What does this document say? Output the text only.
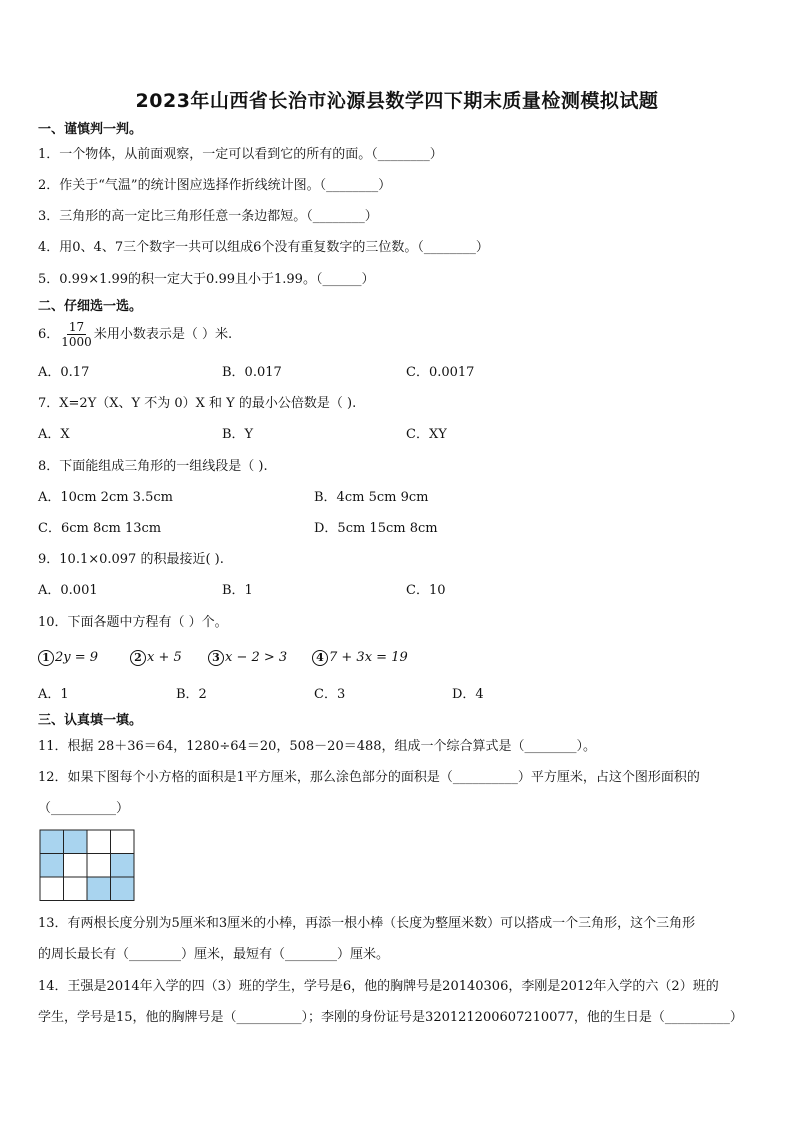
2023年山西省长治市沁源县数学四下期末质量检测模拟试题
一、谨慎判一判。
1．一个物体，从前面观察，一定可以看到它的所有的面。（________）
2．作关于“气温”的统计图应选择作折线统计图。（________）
3．三角形的高一定比三角形任意一条边都短。（________）
4．用0、4、7三个数字一共可以组成6个没有重复数字的三位数。（________）
5．0.99×1.99的积一定大于0.99且小于1.99。（______）
二、仔细选一选。
6． $\frac{17}{1000}$ 米用小数表示是（ ）米.
A．0.17	B．0.017	C．0.0017
7．X=2Y（X、Y 不为 0）X 和 Y 的最小公倍数是（ ).
A．X	B．Y	C．XY
8．下面能组成三角形的一组线段是（ ).
A．10cm 2cm 3.5cm	B．4cm 5cm 9cm
C．6cm 8cm 13cm	D．5cm 15cm 8cm
9．10.1×0.097 的积最接近( ).
A．0.001	B．1	C．10
10．下面各题中方程有（ ）个。
1 2y = 9	2 x + 5	3 x − 2 > 3	4 7 + 3x = 19
A．1	B．2	C．3	D．4
三、认真填一填。
11．根据 28＋36＝64，1280÷64＝20，508－20＝488，组成一个综合算式是（________）。
12．如果下图每个小方格的面积是1平方厘米，那么涂色部分的面积是（__________）平方厘米，占这个图形面积的
（__________）
13．有两根长度分别为5厘米和3厘米的小棒，再添一根小棒（长度为整厘米数）可以搭成一个三角形，这个三角形
的周长最长有（________）厘米，最短有（________）厘米。
14．王强是2014年入学的四（3）班的学生，学号是6，他的胸牌号是20140306，李刚是2012年入学的六（2）班的
学生，学号是15，他的胸牌号是（__________）；李刚的身份证号是320121200607210077，他的生日是（__________）
